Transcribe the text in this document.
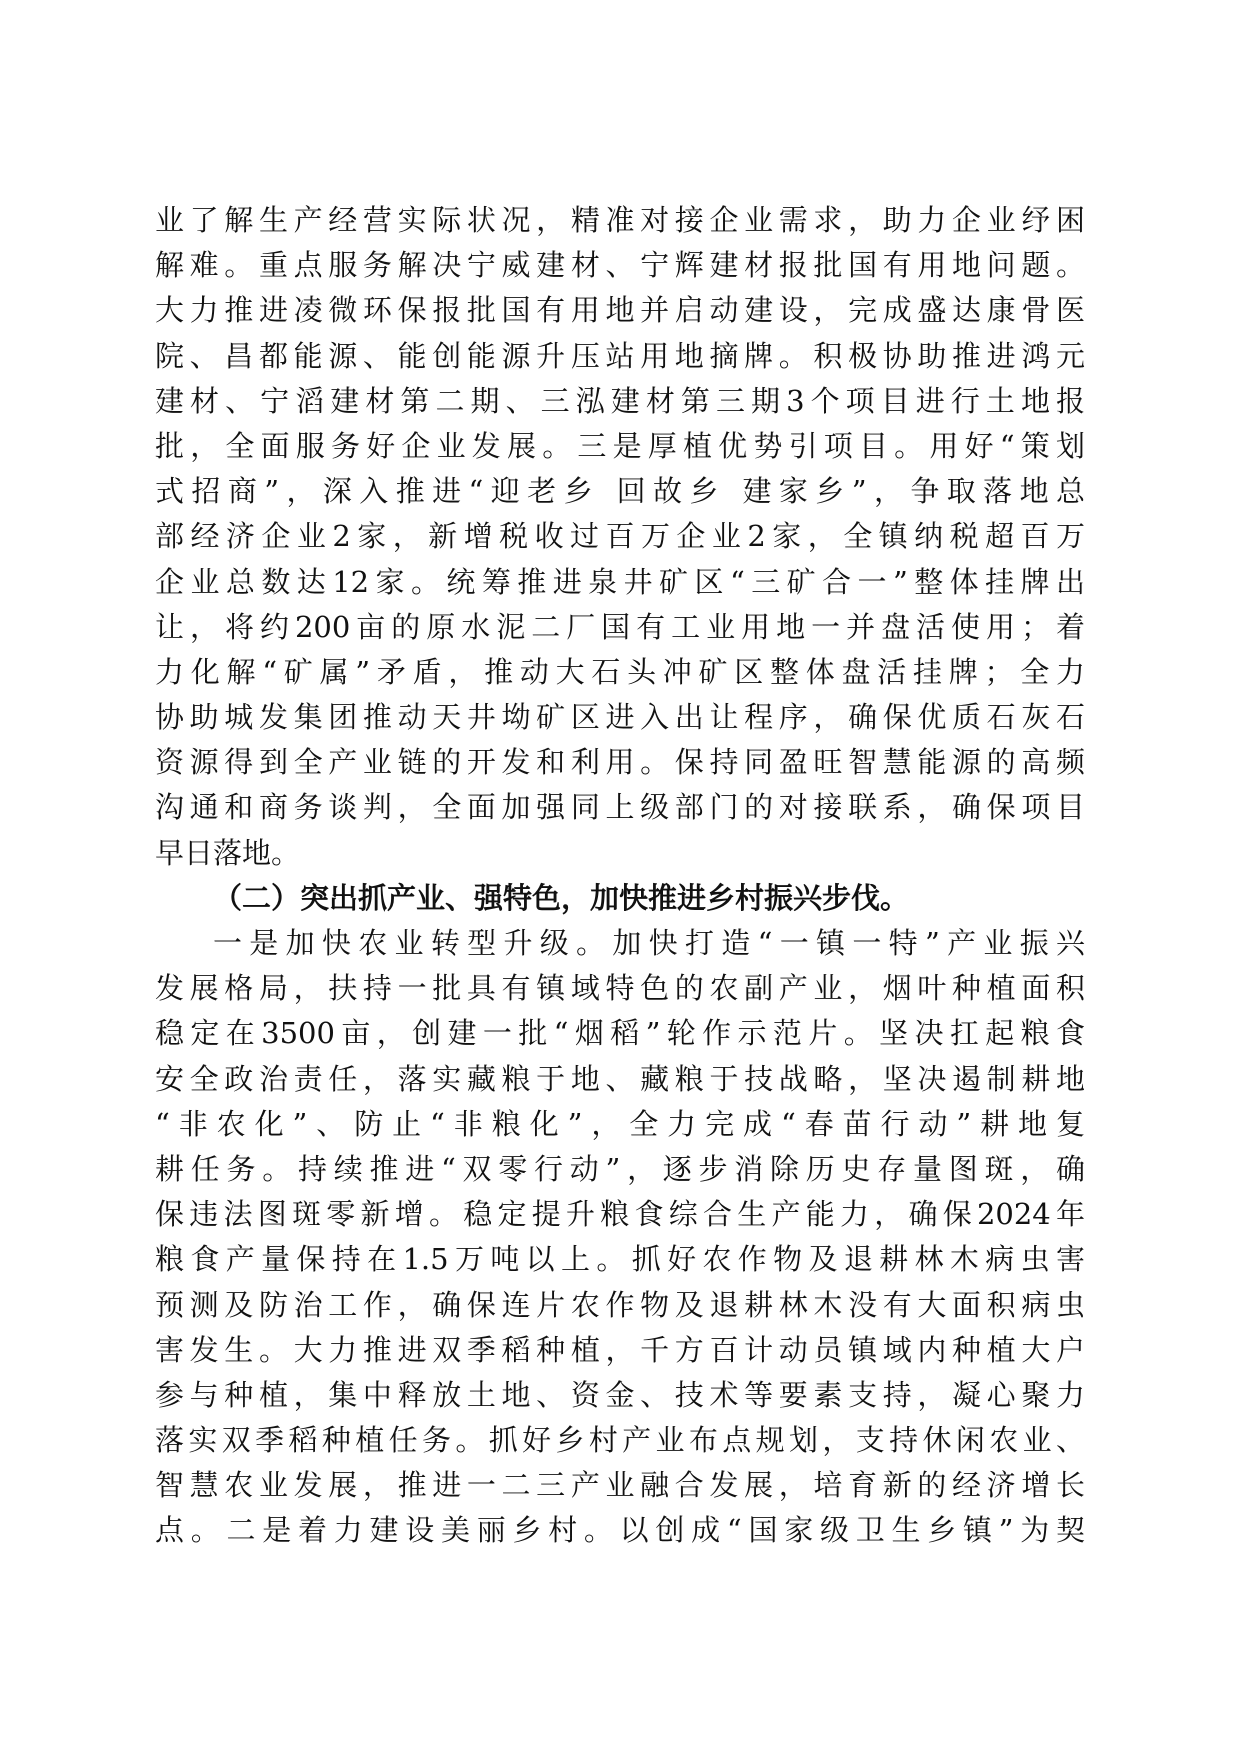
业了解生产经营实际状况，精准对接企业需求，助力企业纾困
解难。重点服务解决宁威建材、宁辉建材报批国有用地问题。
大力推进凌微环保报批国有用地并启动建设，完成盛达康骨医
院、昌都能源、能创能源升压站用地摘牌。积极协助推进鸿元
建材、宁滔建材第二期、三泓建材第三期3个项目进行土地报
批，全面服务好企业发展。三是厚植优势引项目。用好“策划
式招商”，深入推进“迎老乡 回故乡 建家乡”，争取落地总
部经济企业2家，新增税收过百万企业2家，全镇纳税超百万
企业总数达12家。统筹推进泉井矿区“三矿合一”整体挂牌出
让，将约200亩的原水泥二厂国有工业用地一并盘活使用；着
力化解“矿属”矛盾，推动大石头冲矿区整体盘活挂牌；全力
协助城发集团推动天井坳矿区进入出让程序，确保优质石灰石
资源得到全产业链的开发和利用。保持同盈旺智慧能源的高频
沟通和商务谈判，全面加强同上级部门的对接联系，确保项目
早日落地。
（二）突出抓产业、强特色，加快推进乡村振兴步伐。
一是加快农业转型升级。加快打造“一镇一特”产业振兴
发展格局，扶持一批具有镇域特色的农副产业，烟叶种植面积
稳定在3500亩，创建一批“烟稻”轮作示范片。坚决扛起粮食
安全政治责任，落实藏粮于地、藏粮于技战略，坚决遏制耕地
“非农化”、防止“非粮化”，全力完成“春苗行动”耕地复
耕任务。持续推进“双零行动”，逐步消除历史存量图斑，确
保违法图斑零新增。稳定提升粮食综合生产能力，确保2024年
粮食产量保持在1.5万吨以上。抓好农作物及退耕林木病虫害
预测及防治工作，确保连片农作物及退耕林木没有大面积病虫
害发生。大力推进双季稻种植，千方百计动员镇域内种植大户
参与种植，集中释放土地、资金、技术等要素支持，凝心聚力
落实双季稻种植任务。抓好乡村产业布点规划，支持休闲农业、
智慧农业发展，推进一二三产业融合发展，培育新的经济增长
点。二是着力建设美丽乡村。以创成“国家级卫生乡镇”为契
